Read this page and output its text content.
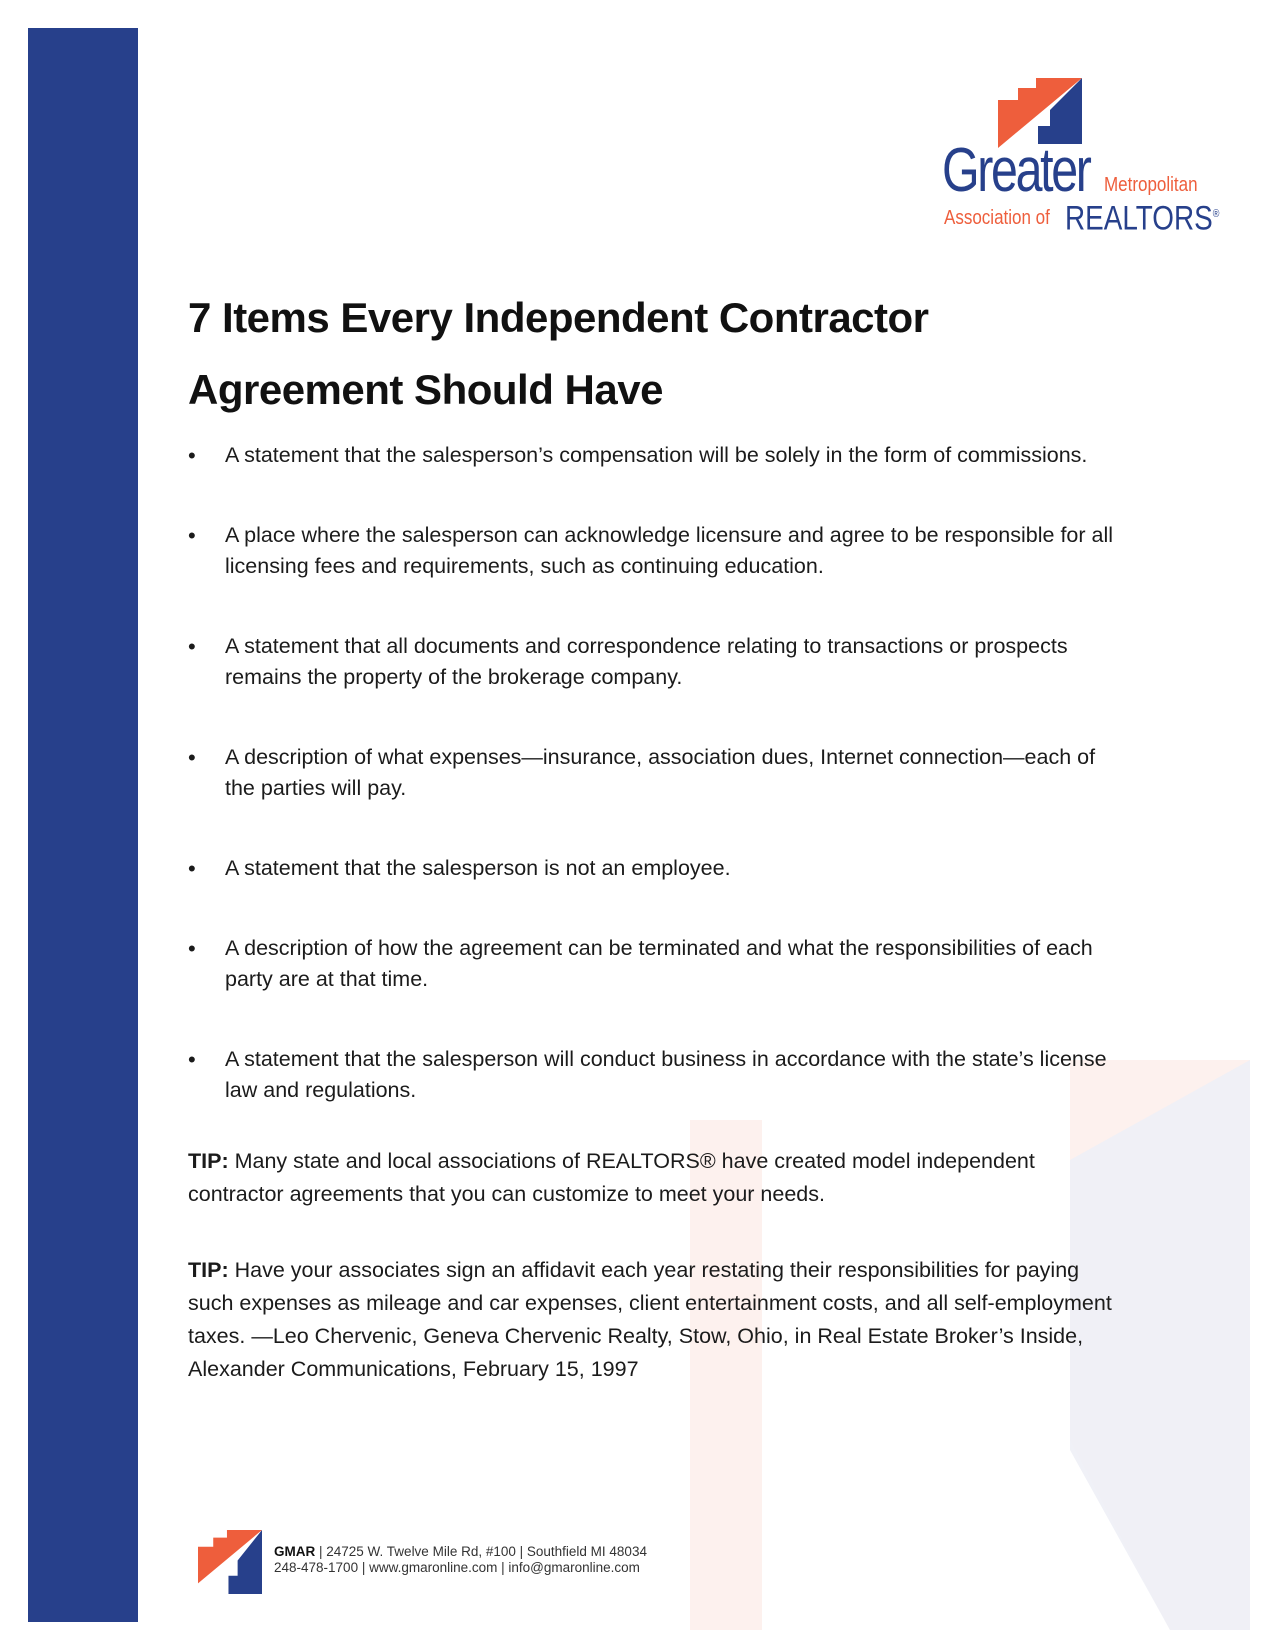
Greater Metropolitan
Association of REALTORS®
7 Items Every Independent Contractor Agreement Should Have
• A statement that the salesperson’s compensation will be solely in the form of commissions.
• A place where the salesperson can acknowledge licensure and agree to be responsible for all licensing fees and requirements, such as continuing education.
• A statement that all documents and correspondence relating to transactions or prospects remains the property of the brokerage company.
• A description of what expenses—insurance, association dues, Internet connection—each of the parties will pay.
• A statement that the salesperson is not an employee.
• A description of how the agreement can be terminated and what the responsibilities of each party are at that time.
• A statement that the salesperson will conduct business in accordance with the state’s license law and regulations.

TIP: Many state and local associations of REALTORS® have created model independent contractor agreements that you can customize to meet your needs.

TIP: Have your associates sign an affidavit each year restating their responsibilities for paying such expenses as mileage and car expenses, client entertainment costs, and all self-employment taxes. —Leo Chervenic, Geneva Chervenic Realty, Stow, Ohio, in Real Estate Broker’s Inside, Alexander Communications, February 15, 1997

GMAR | 24725 W. Twelve Mile Rd, #100 | Southfield MI 48034
248-478-1700 | www.gmaronline.com | info@gmaronline.com
